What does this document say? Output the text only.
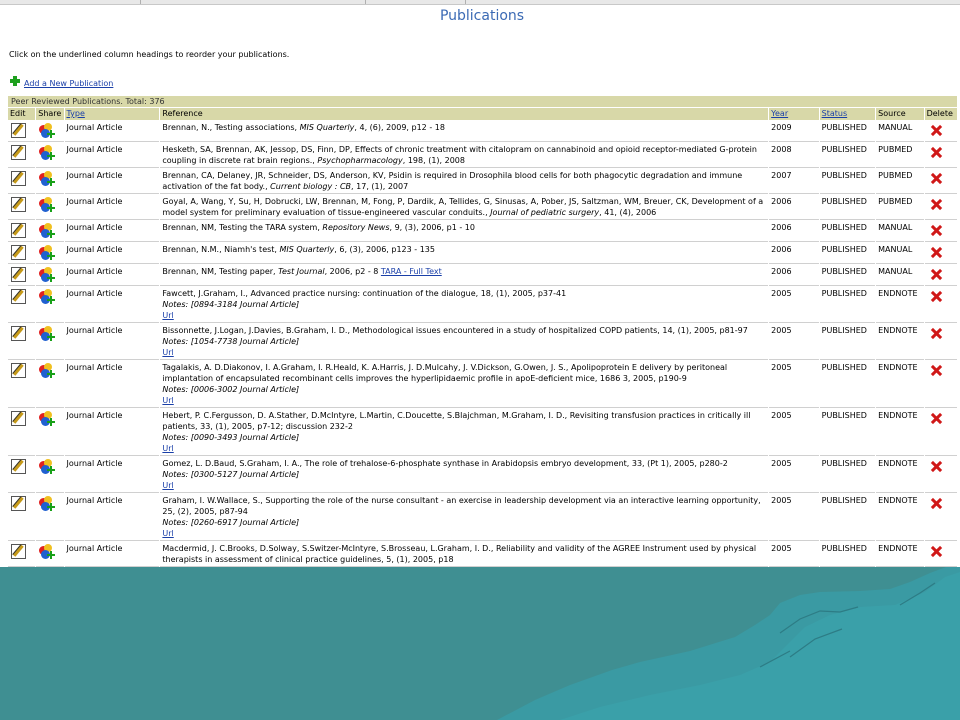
Publications
Click on the underlined column headings to reorder your publications.
Add a New Publication
Peer Reviewed Publications. Total: 376							
Edit	Share	Type	Reference	Year	Status	Source	Delete

	Journal Article	Brennan, N., Testing associations, MIS Quarterly, 4, (6), 2009, p12 - 18	2009	PUBLISHED	MANUAL	

	Journal Article	Hesketh, SA, Brennan, AK, Jessop, DS, Finn, DP, Effects of chronic treatment with citalopram on cannabinoid and opioid receptor-mediated G-protein coupling in discrete rat brain regions., Psychopharmacology, 198, (1), 2008	2008	PUBLISHED	PUBMED	

	Journal Article	Brennan, CA, Delaney, JR, Schneider, DS, Anderson, KV, Psidin is required in Drosophila blood cells for both phagocytic degradation and immune activation of the fat body., Current biology : CB, 17, (1), 2007	2007	PUBLISHED	PUBMED	

	Journal Article	Goyal, A, Wang, Y, Su, H, Dobrucki, LW, Brennan, M, Fong, P, Dardik, A, Tellides, G, Sinusas, A, Pober, JS, Saltzman, WM, Breuer, CK, Development of a model system for preliminary evaluation of tissue-engineered vascular conduits., Journal of pediatric surgery, 41, (4), 2006	2006	PUBLISHED	PUBMED	

	Journal Article	Brennan, NM, Testing the TARA system, Repository News, 9, (3), 2006, p1 - 10	2006	PUBLISHED	MANUAL	

	Journal Article	Brennan, N.M., Niamh's test, MIS Quarterly, 6, (3), 2006, p123 - 135	2006	PUBLISHED	MANUAL	

	Journal Article	Brennan, NM, Testing paper, Test Journal, 2006, p2 - 8 TARA - Full Text	2006	PUBLISHED	MANUAL	

	Journal Article	Fawcett, J.Graham, I., Advanced practice nursing: continuation of the dialogue, 18, (1), 2005, p37-41
Notes: [0894-3184 Journal Article]
Url	2005	PUBLISHED	ENDNOTE	

	Journal Article	Bissonnette, J.Logan, J.Davies, B.Graham, I. D., Methodological issues encountered in a study of hospitalized COPD patients, 14, (1), 2005, p81-97
Notes: [1054-7738 Journal Article]
Url	2005	PUBLISHED	ENDNOTE	

	Journal Article	Tagalakis, A. D.Diakonov, I. A.Graham, I. R.Heald, K. A.Harris, J. D.Mulcahy, J. V.Dickson, G.Owen, J. S., Apolipoprotein E delivery by peritoneal implantation of encapsulated recombinant cells improves the hyperlipidaemic profile in apoE-deficient mice, 1686 3, 2005, p190-9
Notes: [0006-3002 Journal Article]
Url	2005	PUBLISHED	ENDNOTE	

	Journal Article	Hebert, P. C.Fergusson, D. A.Stather, D.McIntyre, L.Martin, C.Doucette, S.Blajchman, M.Graham, I. D., Revisiting transfusion practices in critically ill patients, 33, (1), 2005, p7-12; discussion 232-2
Notes: [0090-3493 Journal Article]
Url	2005	PUBLISHED	ENDNOTE	

	Journal Article	Gomez, L. D.Baud, S.Graham, I. A., The role of trehalose-6-phosphate synthase in Arabidopsis embryo development, 33, (Pt 1), 2005, p280-2
Notes: [0300-5127 Journal Article]
Url	2005	PUBLISHED	ENDNOTE	

	Journal Article	Graham, I. W.Wallace, S., Supporting the role of the nurse consultant - an exercise in leadership development via an interactive learning opportunity, 25, (2), 2005, p87-94
Notes: [0260-6917 Journal Article]
Url	2005	PUBLISHED	ENDNOTE	

	Journal Article	Macdermid, J. C.Brooks, D.Solway, S.Switzer-McIntyre, S.Brosseau, L.Graham, I. D., Reliability and validity of the AGREE Instrument used by physical therapists in assessment of clinical practice guidelines, 5, (1), 2005, p18	2005	PUBLISHED	ENDNOTE	
